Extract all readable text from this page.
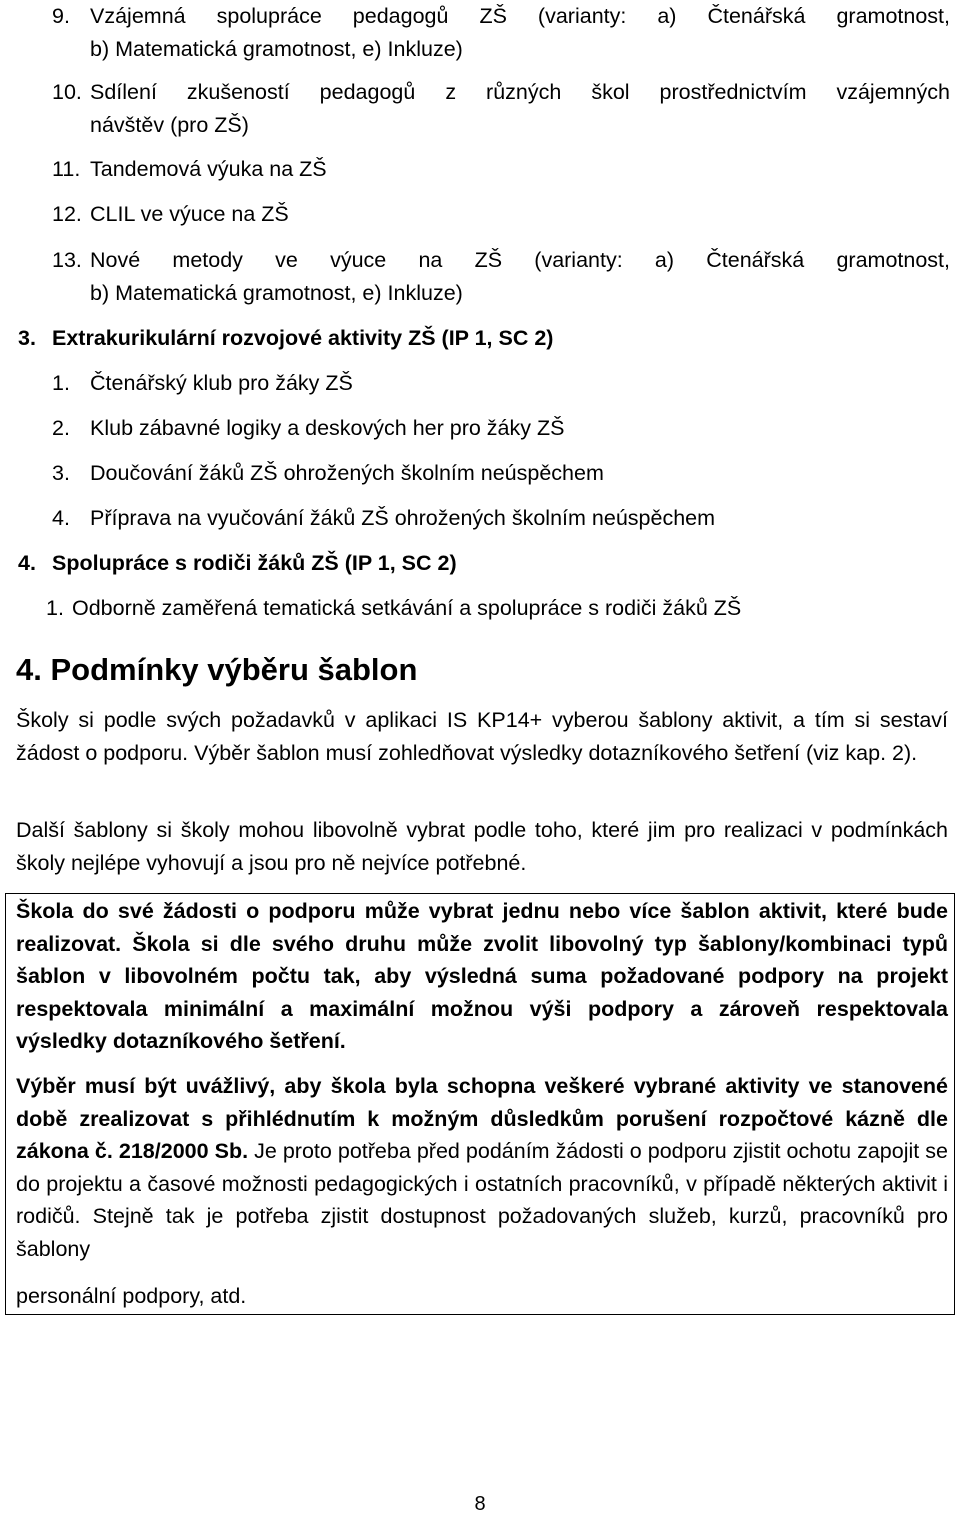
9. Vzájemná spolupráce pedagogů ZŠ (varianty: a) Čtenářská gramotnost,
b) Matematická gramotnost, e) Inkluze)
10. Sdílení zkušeností pedagogů z různých škol prostřednictvím vzájemných
návštěv (pro ZŠ)
11. Tandemová výuka na ZŠ
12. CLIL ve výuce na ZŠ
13. Nové metody ve výuce na ZŠ (varianty: a) Čtenářská gramotnost,
b) Matematická gramotnost, e) Inkluze)
3. Extrakurikulární rozvojové aktivity ZŠ (IP 1, SC 2)
1. Čtenářský klub pro žáky ZŠ
2. Klub zábavné logiky a deskových her pro žáky ZŠ
3. Doučování žáků ZŠ ohrožených školním neúspěchem
4. Příprava na vyučování žáků ZŠ ohrožených školním neúspěchem
4. Spolupráce s rodiči žáků ZŠ (IP 1, SC 2)
1. Odborně zaměřená tematická setkávání a spolupráce s rodiči žáků ZŠ
4. Podmínky výběru šablon
Školy si podle svých požadavků v aplikaci IS KP14+ vyberou šablony aktivit, a tím si sestaví žádost o podporu. Výběr šablon musí zohledňovat výsledky dotazníkového šetření (viz kap. 2).
Další šablony si školy mohou libovolně vybrat podle toho, které jim pro realizaci v podmínkách školy nejlépe vyhovují a jsou pro ně nejvíce potřebné.
Škola do své žádosti o podporu může vybrat jednu nebo více šablon aktivit, které bude realizovat. Škola si dle svého druhu může zvolit libovolný typ šablony/kombinaci typů šablon v libovolném počtu tak, aby výsledná suma požadované podpory na projekt respektovala minimální a maximální možnou výši podpory a zároveň respektovala výsledky dotazníkového šetření.
Výběr musí být uvážlivý, aby škola byla schopna veškeré vybrané aktivity ve stanovené době zrealizovat s přihlédnutím k možným důsledkům porušení rozpočtové kázně dle zákona č. 218/2000 Sb. Je proto potřeba před podáním žádosti o podporu zjistit ochotu zapojit se do projektu a časové možnosti pedagogických i ostatních pracovníků, v případě některých aktivit i rodičů. Stejně tak je potřeba zjistit dostupnost požadovaných služeb, kurzů, pracovníků pro šablony
personální podpory, atd.
8
